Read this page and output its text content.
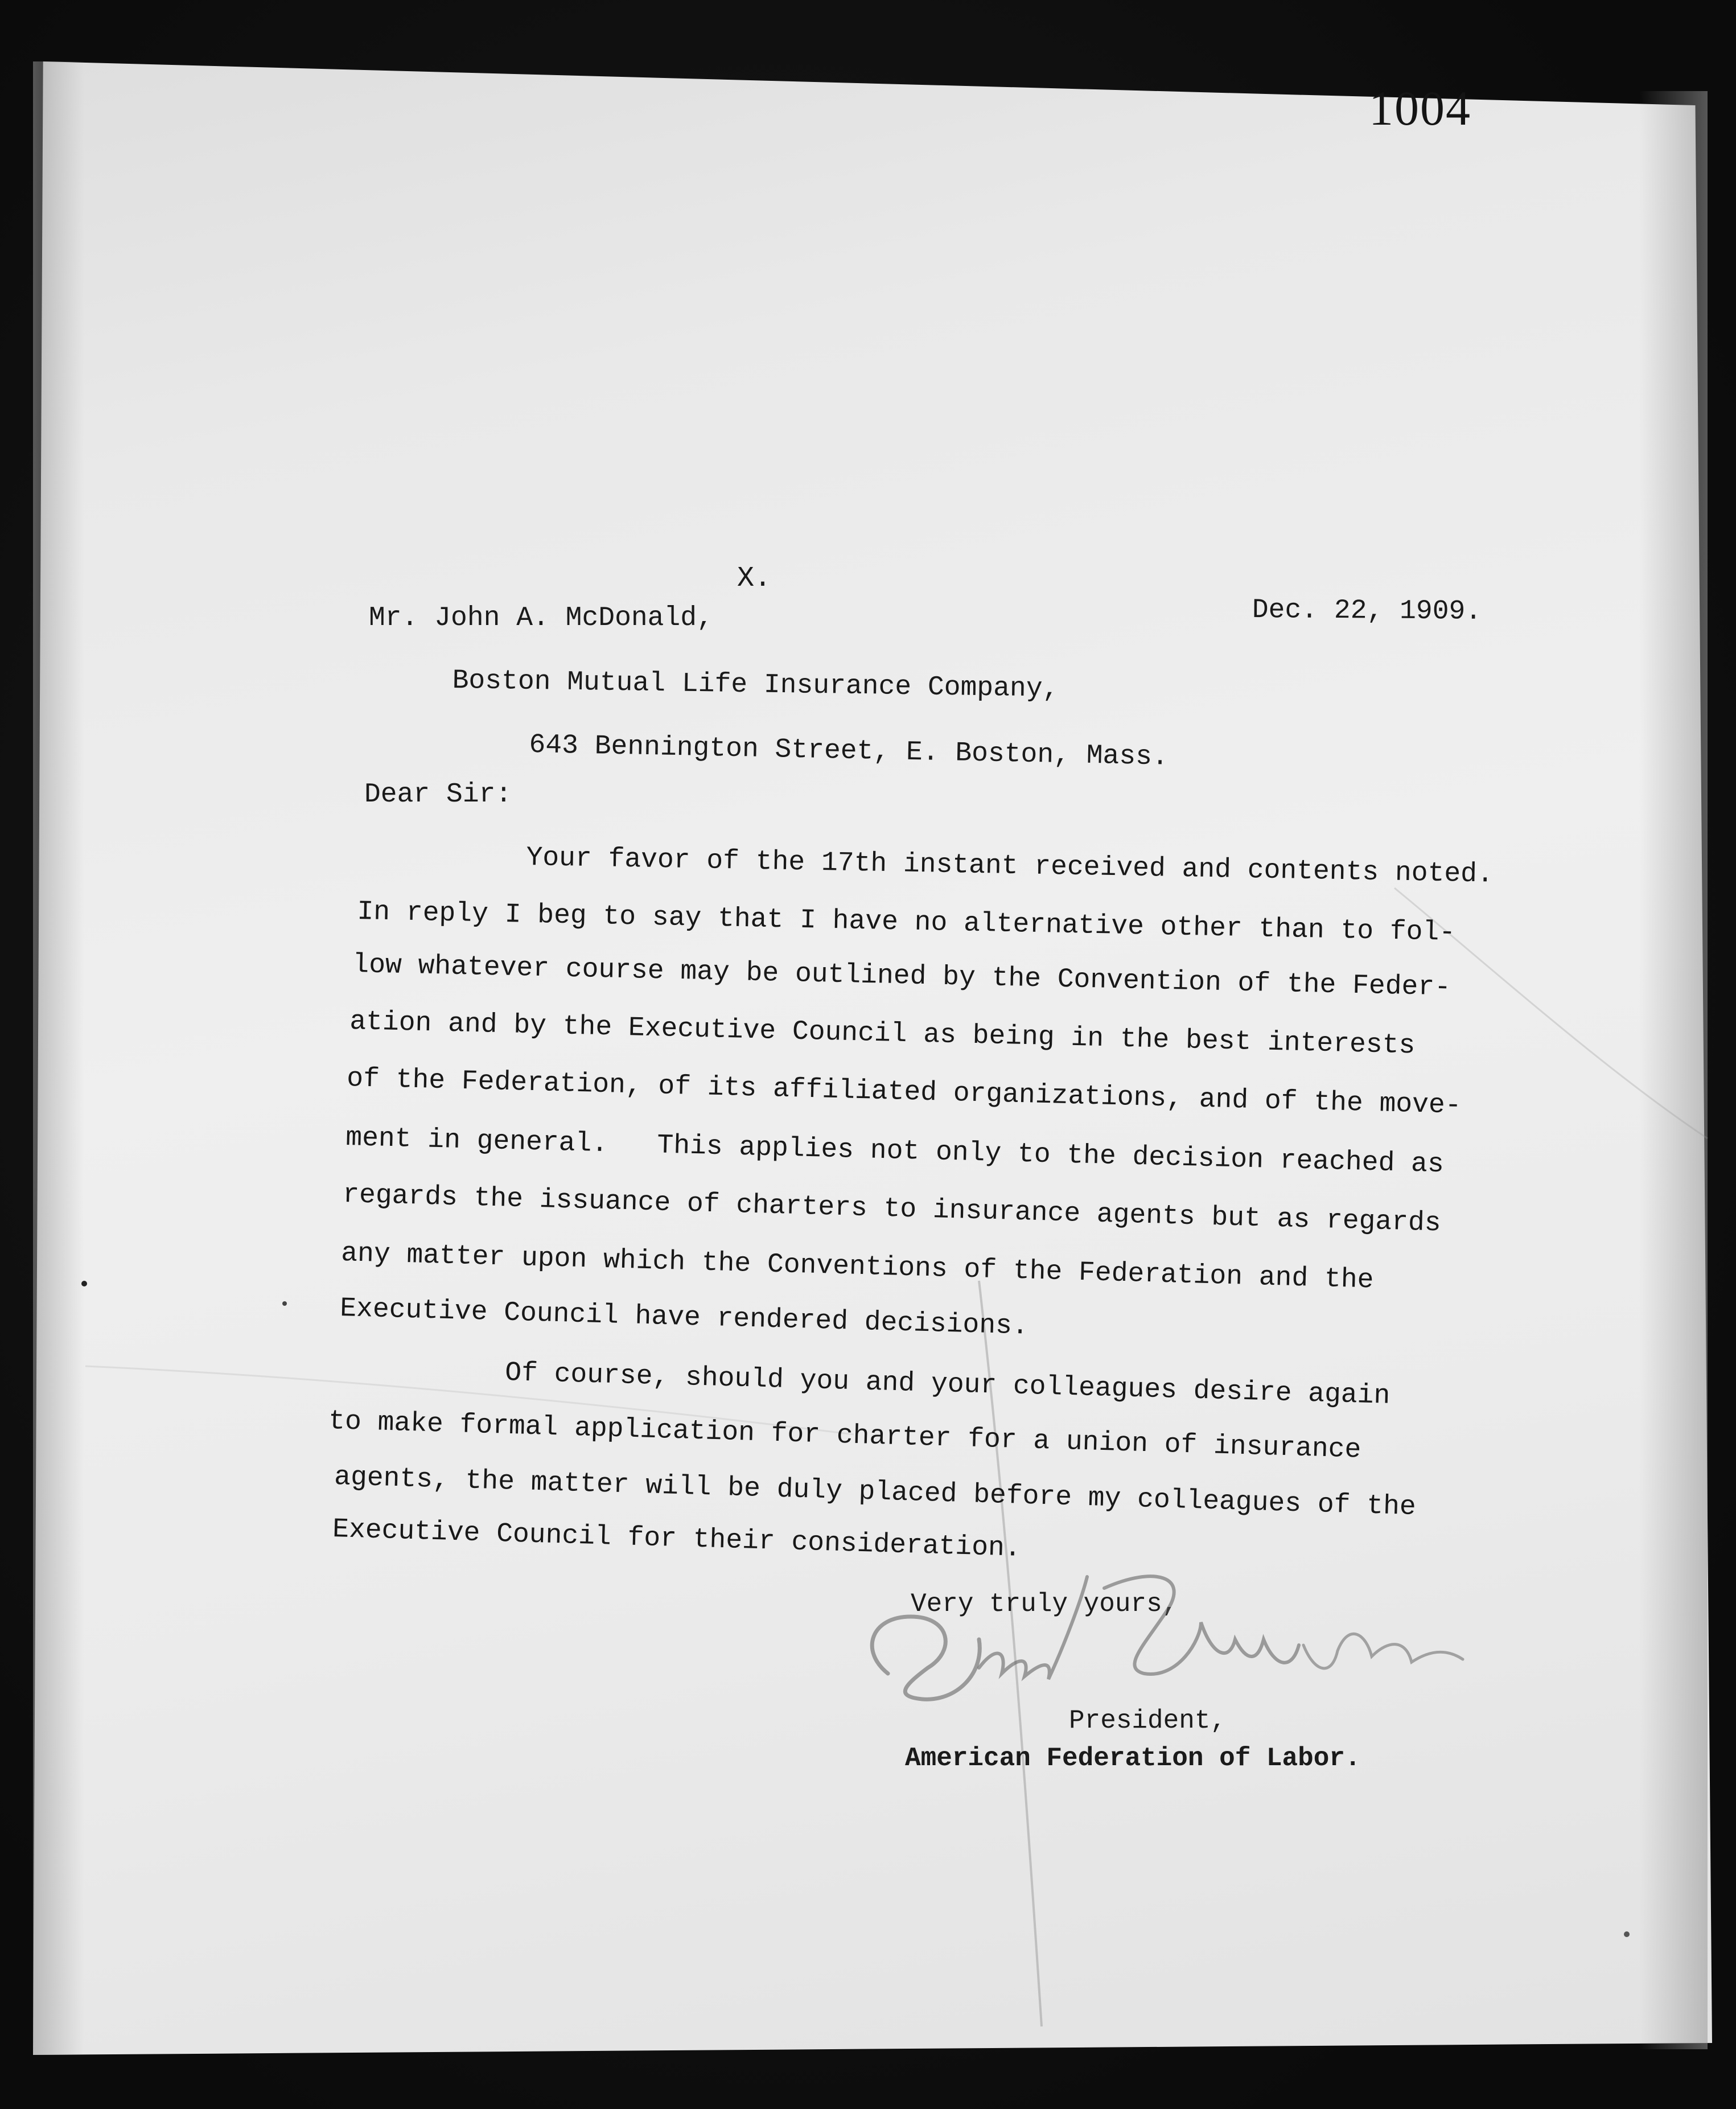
1004
X.
Dec. 22, 1909.
Mr. John A. McDonald,
Boston Mutual Life Insurance Company,
643 Bennington Street, E. Boston, Mass.
Dear Sir:
Your favor of the 17th instant received and contents noted.
In reply I beg to say that I have no alternative other than to fol-
low whatever course may be outlined by the Convention of the Feder-
ation and by the Executive Council as being in the best interests
of the Federation, of its affiliated organizations, and of the move-
ment in general.   This applies not only to the decision reached as
regards the issuance of charters to insurance agents but as regards
any matter upon which the Conventions of the Federation and the
Executive Council have rendered decisions.
Of course, should you and your colleagues desire again
to make formal application for charter for a union of insurance
agents, the matter will be duly placed before my colleagues of the
Executive Council for their consideration.
Very truly yours,
President,
American Federation of Labor.
